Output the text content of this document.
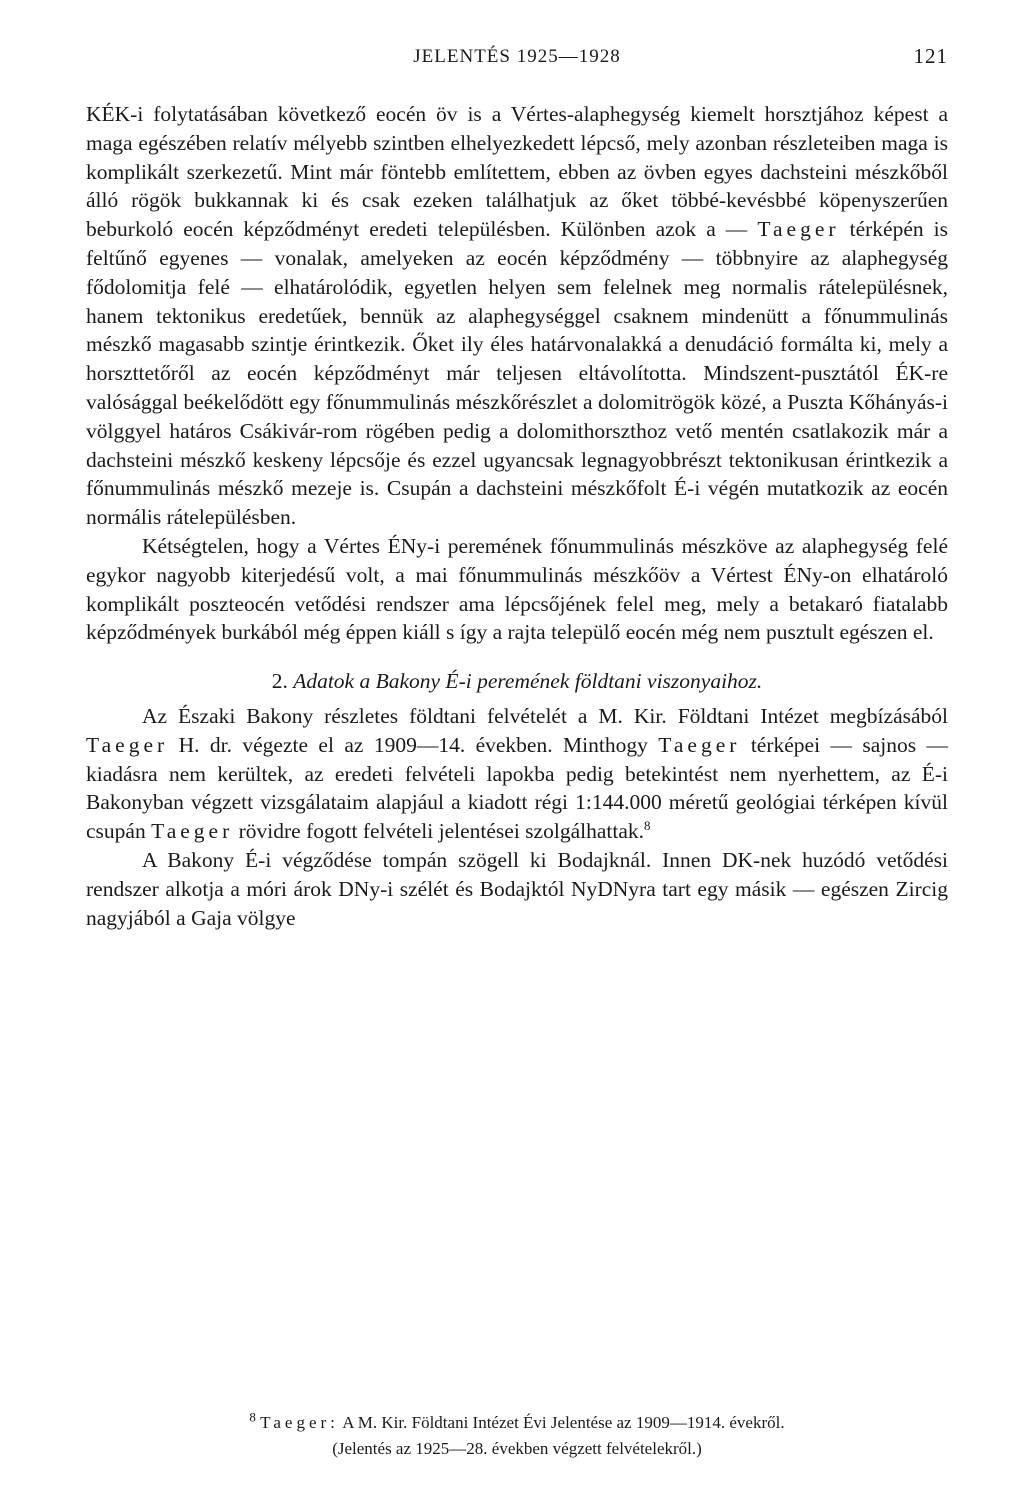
JELENTÉS 1925—1928	121

KÉK-i folytatásában következő eocén öv is a Vértes-alaphegység kiemelt horsztjához képest a maga egészében relatív mélyebb szintben elhelyezkedett lépcső, mely azonban részleteiben maga is komplikált szerkezetű. Mint már föntebb említettem, ebben az övben egyes dachsteini mészkőből álló rögök bukkannak ki és csak ezeken találhatjuk az őket többé-kevésbbé köpenyszerűen beburkoló eocén képződményt eredeti településben. Különben azok a — Taeger térképén is feltűnő egyenes — vonalak, amelyeken az eocén képződmény — többnyire az alaphegység fődolomitja felé — elhatárolódik, egyetlen helyen sem felelnek meg normalis rátelepülésnek, hanem tektonikus eredetűek, bennük az alaphegységgel csaknem mindenütt a főnummulinás mészkő magasabb szintje érintkezik. Őket ily éles határvonalakká a denudáció formálta ki, mely a horszttetőről az eocén képződményt már teljesen eltávolította. Mindszent-pusztától ÉK-re valósággal beékelődött egy főnummulinás mészkőrészlet a dolomitrögök közé, a Puszta Kőhányás-i völggyel határos Csákivár-rom rögében pedig a dolomithorszthoz vető mentén csatlakozik már a dachsteini mészkő keskeny lépcsője és ezzel ugyancsak legnagyobbrészt tektonikusan érintkezik a főnummulinás mészkő mezeje is. Csupán a dachsteini mészkőfolt É-i végén mutatkozik az eocén normális rátelepülésben.

Kétségtelen, hogy a Vértes ÉNy-i peremének főnummulinás mészköve az alaphegység felé egykor nagyobb kiterjedésű volt, a mai főnummulinás mészkőöv a Vértest ÉNy-on elhatároló komplikált poszteocén vetődési rendszer ama lépcsőjének felel meg, mely a betakaró fiatalabb képződmények burkából még éppen kiáll s így a rajta települő eocén még nem pusztult egészen el.

2. Adatok a Bakony É-i peremének földtani viszonyaihoz.

Az Északi Bakony részletes földtani felvételét a M. Kir. Földtani Intézet megbízásából Taeger H. dr. végezte el az 1909—14. években. Minthogy Taeger térképei — sajnos — kiadásra nem kerültek, az eredeti felvételi lapokba pedig betekintést nem nyerhettem, az É-i Bakonyban végzett vizsgálataim alapjául a kiadott régi 1:144.000 méretű geológiai térképen kívül csupán Taeger rövidre fogott felvételi jelentései szolgálhattak.$^8$

A Bakony É-i végződése tompán szögell ki Bodajknál. Innen DK-nek huzódó vetődési rendszer alkotja a móri árok DNy-i szélét és Bodajktól NyDNyra tart egy másik — egészen Zircig nagyjából a Gaja völgye

$^8$ Taeger: A M. Kir. Földtani Intézet Évi Jelentése az 1909—1914. évekről.
(Jelentés az 1925—28. években végzett felvételekről.)
